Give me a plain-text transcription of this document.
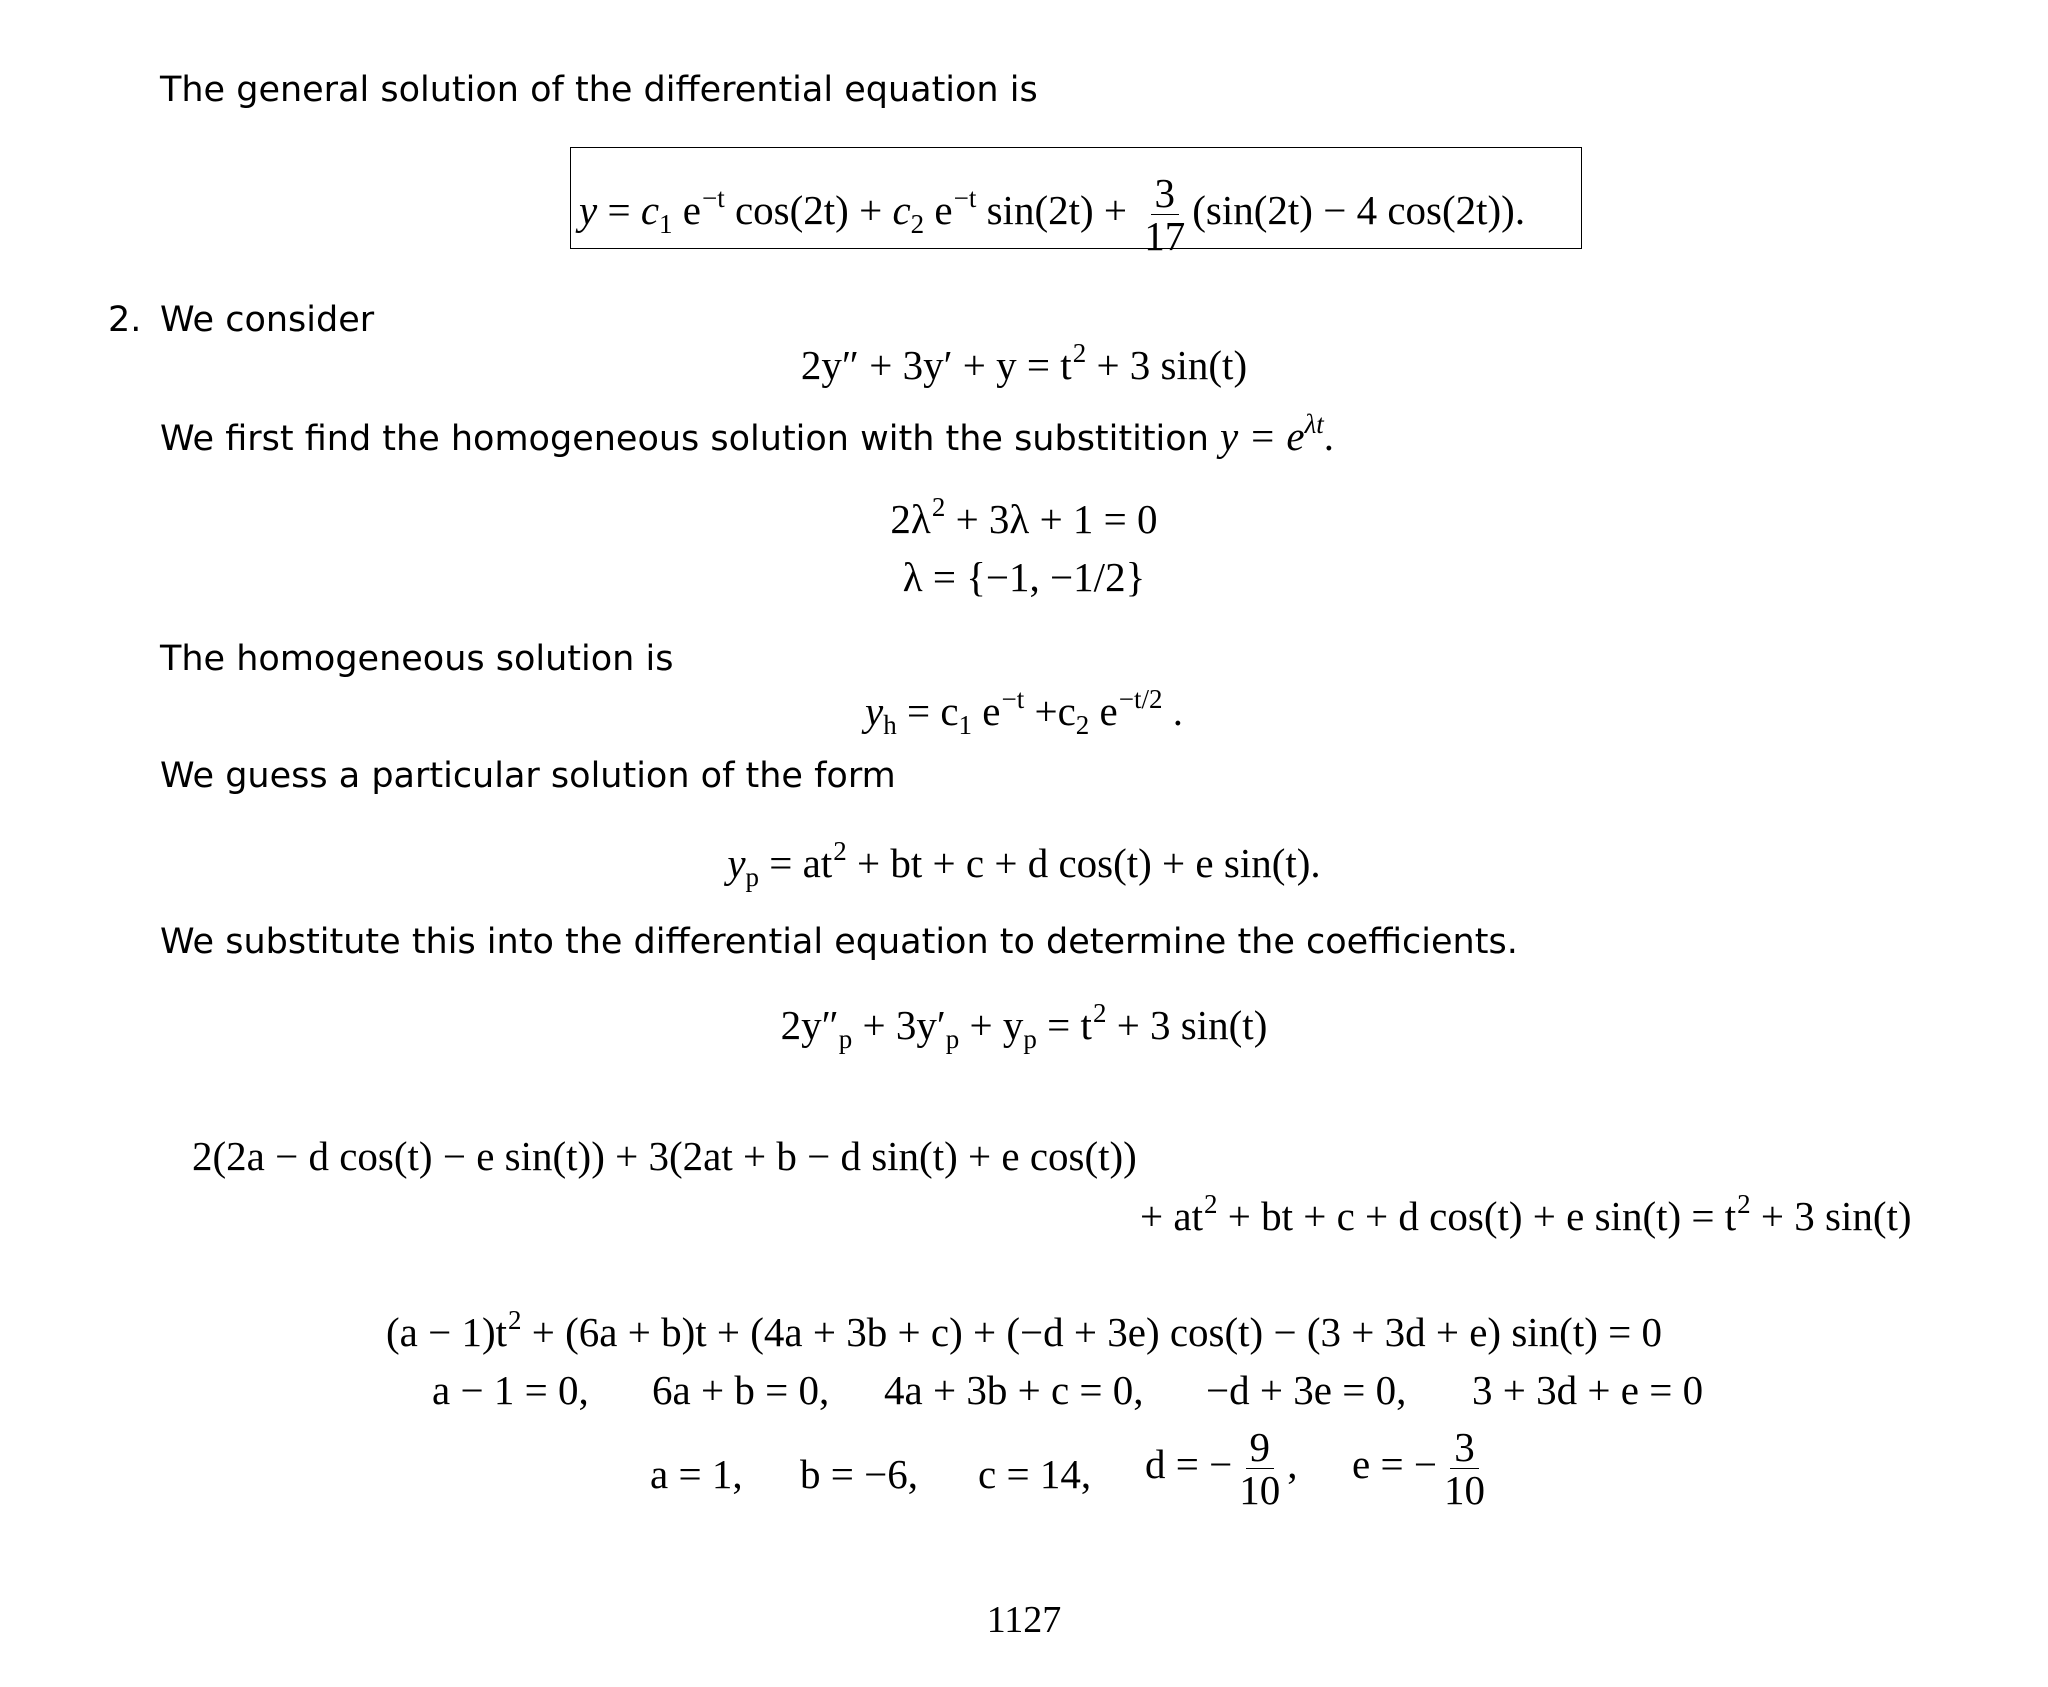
The general solution of the differential equation is
$y = c_1$ $e^{-t}$ $\cos(2t) + c_2$ $e^{-t}$ $\sin(2t) + \frac{3}{17} (\sin(2t) - 4$ cos(2t)).
2. We consider
$2y'' + 3y' + y = t^2 + 3$ sin(t)
We first find the homogeneous solution with the substitition $y = e^{\lambda t}$.
$2\lambda^2 + 3\lambda + 1 = 0$
λ = {−1, −1/2}
The homogeneous solution is
$y_h = c_1$ $e^{-t} +c_2$ $e^{-t/2}$ .
We guess a particular solution of the form
$y_p = at^2$ + bt + c + d cos(t) + e sin(t).
We substitute this into the differential equation to determine the coefficients.
$2y''_p + 3y'_p + y_p = t^2 + 3$ sin(t)
2(2a − d cos(t) − e sin(t)) + 3(2at + b − d sin(t) + e cos(t))
+ $at^2$ + bt + c + d cos(t) + e $\sin(t) = t^2 + 3$ sin(t)
$(a - 1)t^2 + (6a + b)t + (4a + 3b + c) + (-d + 3e)$ cos(t) − (3 + 3d + e) sin(t) = 0
a − 1 = 0, 6a + b = 0, 4a + 3b + c = 0, −d + 3e = 0, 3 + 3d + e = 0
a = 1, b = −6, c = 14, d = − $\frac{9}{10}$ , e = − $\frac{3}{10}$
1127
